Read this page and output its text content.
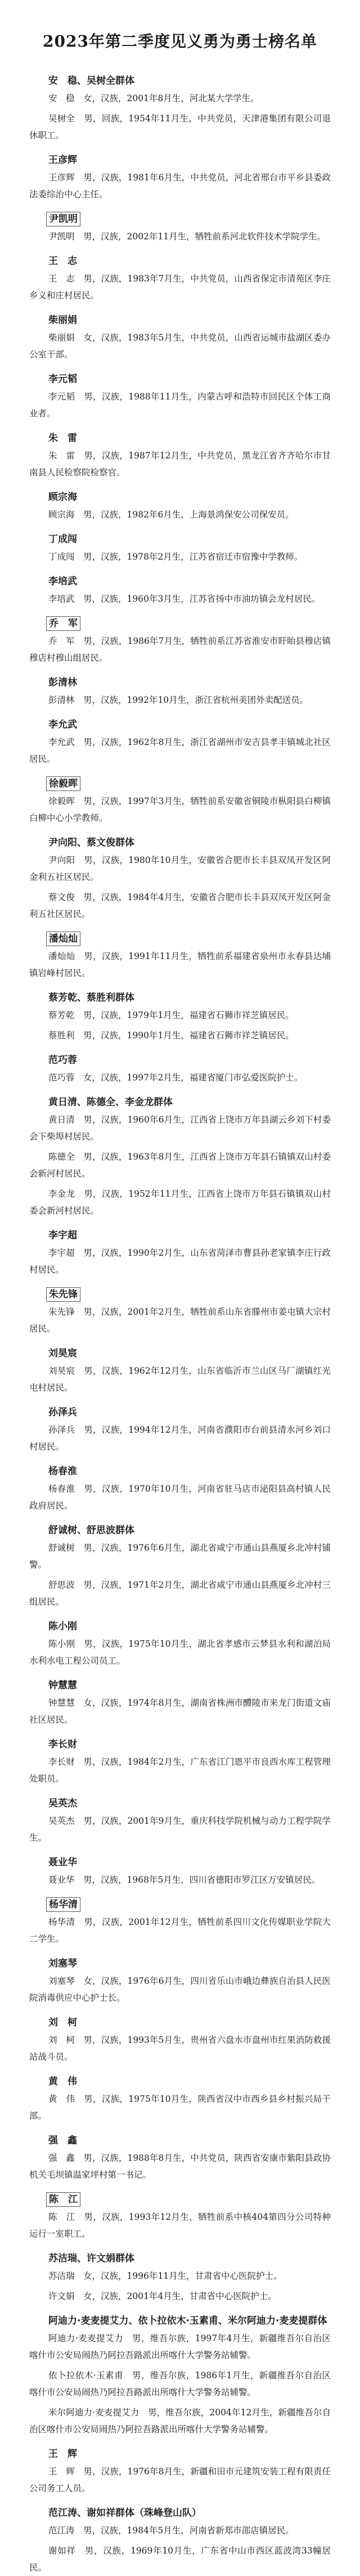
2023年第二季度见义勇为勇士榜名单
安　稳、吴树全群体

安　稳　女，汉族，2001年8月生，河北某大学学生。

吴树全　男，回族，1954年11月生，中共党员，天津港集团有限公司退休职工。

王彦辉

王彦辉　男，汉族，1981年6月生，中共党员，河北省邢台市平乡县委政法委综治中心主任。

尹凯明

尹凯明　男，汉族，2002年11月生，牺牲前系河北软件技术学院学生。

王　志

王　志　男，汉族，1983年7月生，中共党员，山西省保定市清苑区李庄乡义和庄村居民。

柴丽娟

柴丽娟　女，汉族，1983年5月生，中共党员，山西省运城市盐湖区委办公室干部。

李元韬

李元韬　男，汉族，1988年11月生，内蒙古呼和浩特市回民区个体工商业者。

朱　雷

朱　雷　男，汉族，1987年12月生，中共党员，黑龙江省齐齐哈尔市甘南县人民检察院检察官。

顾宗海

顾宗海　男，汉族，1982年6月生，上海景鸿保安公司保安员。

丁成闯

丁成闯　男，汉族，1978年2月生，江苏省宿迁市宿豫中学教师。

李培武

李培武　男，汉族，1960年3月生，江苏省扬中市油坊镇会龙村居民。

乔　军

乔　军　男，汉族，1986年7月生，牺牲前系江苏省淮安市盱眙县穆店镇穆店村穆山组居民。

彭清林

彭清林　男，汉族，1992年10月生，浙江省杭州美团外卖配送员。

李允武

李允武　男，汉族，1962年8月生，浙江省湖州市安吉县孝丰镇城北社区居民。

徐毅晖

徐毅晖　男，汉族，1997年3月生，牺牲前系安徽省铜陵市枞阳县白柳镇白柳中心小学教师。

尹向阳、蔡文俊群体

尹向阳　男，汉族，1980年10月生，安徽省合肥市长丰县双凤开发区阿金利五社区居民。

蔡文俊　男，汉族，1984年4月生，安徽省合肥市长丰县双凤开发区阿金利五社区居民。

潘灿灿

潘灿灿　男，汉族，1991年11月生，牺牲前系福建省泉州市永春县达埔镇岩峰村居民。

蔡芳乾、蔡胜利群体

蔡芳乾　男，汉族，1979年1月生，福建省石狮市祥芝镇居民。

蔡胜利　男，汉族，1990年1月生，福建省石狮市祥芝镇居民。

范巧蓉

范巧蓉　女，汉族，1997年2月生，福建省厦门市弘爱医院护士。

黄日清、陈德全、李金龙群体

黄日清　男，汉族，1960年6月生，江西省上饶市万年县湖云乡刘下村委会下柴埠村居民。

陈德全　男，汉族，1963年8月生，江西省上饶市万年县石镇镇双山村委会新河村居民。

李金龙　男，汉族，1952年11月生，江西省上饶市万年县石镇镇双山村委会新河村居民。

李宇超

李宇超　男，汉族，1990年2月生，山东省菏泽市曹县孙老家镇李庄行政村居民。

朱先锋

朱先锋　男，汉族，2001年2月生，牺牲前系山东省滕州市姜屯镇大宗村居民。

刘昊宸

刘昊宸　男，汉族，1962年12月生，山东省临沂市兰山区马厂湖镇红光屯村居民。

孙泽兵

孙泽兵　男，汉族，1994年12月生，河南省濮阳市台前县清水河乡刘口村居民。

杨春淮

杨春淮　男，汉族，1970年10月生，河南省驻马店市泌阳县高村镇人民政府居民。

舒诚树、舒思波群体

舒诚树　男，汉族，1976年6月生，湖北省咸宁市通山县燕厦乡北冲村铺警。

舒思波　男，汉族，1971年2月生，湖北省咸宁市通山县燕厦乡北冲村三组居民。

陈小刚

陈小刚　男，汉族，1975年10月生，湖北省孝感市云梦县水利和湖泊局水利水电工程公司员工。

钟慧慧

钟慧慧　女，汉族，1974年8月生，湖南省株洲市醴陵市来龙门街道文庙社区居民。

李长财

李长财　男，汉族，1984年2月生，广东省江门恩平市良西水库工程管理处职员。

吴英杰

吴英杰　男，汉族，2001年9月生，重庆科技学院机械与动力工程学院学生。

聂业华

聂业华　男，汉族，1968年5月生，四川省德阳市罗江区万安镇居民。

杨华清

杨华清　男，汉族，2001年12月生，牺牲前系四川文化传媒职业学院大二学生。

刘塞琴

刘塞琴　女，汉族，1976年6月生，四川省乐山市峨边彝族自治县人民医院消毒供应中心护士长。

刘　柯

刘　柯　男，汉族，1993年5月生，贵州省六盘水市盘州市红果消防救援站战斗员。

黄　伟

黄　伟　男，汉族，1975年10月生，陕西省汉中市西乡县乡村振兴局干部。

强　鑫

强　鑫　男，汉族，1988年8月生，中共党员，陕西省安康市紫阳县政协机关毛坝镇温家坪村第一书记。

陈　江

陈　江　男，汉族，1993年12月生，牺牲前系中核404第四分公司特种运行一室职工。

苏洁瑞、许文娟群体

苏洁瑞　女，汉族，1996年11月生，甘肃省中心医院护士。

许文娟　女，汉族，2001年4月生，甘肃省中心医院护士。

阿迪力·麦麦提艾力、依卜拉依木·玉素甫、米尔阿迪力·麦麦提群体

阿迪力·麦麦提艾力　男，维吾尔族，1997年4月生，新疆维吾尔自治区喀什市公安局闹热乃阿拉吾路派出所喀什大学警务站辅警。

依卜拉依木·玉素甫　男，维吾尔族，1986年1月生，新疆维吾尔自治区喀什市公安局闹热乃阿拉吾路派出所喀什大学警务站辅警。

米尔阿迪力·麦麦提艾力　男，维吾尔族，2004年12月生，新疆维吾尔自治区喀什市公安局闹热乃阿拉吾路派出所喀什大学警务站辅警。

王　辉

王　辉　男，汉族，1976年8月生，新疆和田市元建筑安装工程有限责任公司务工人员。

范江涛、谢如祥群体（珠峰登山队）

范江涛　男，汉族，1984年5月生，河南省新郑市邵店镇居民。

谢如祥　男，汉族，1969年10月生，广东省中山市西区蓝波湾33幢居民。
